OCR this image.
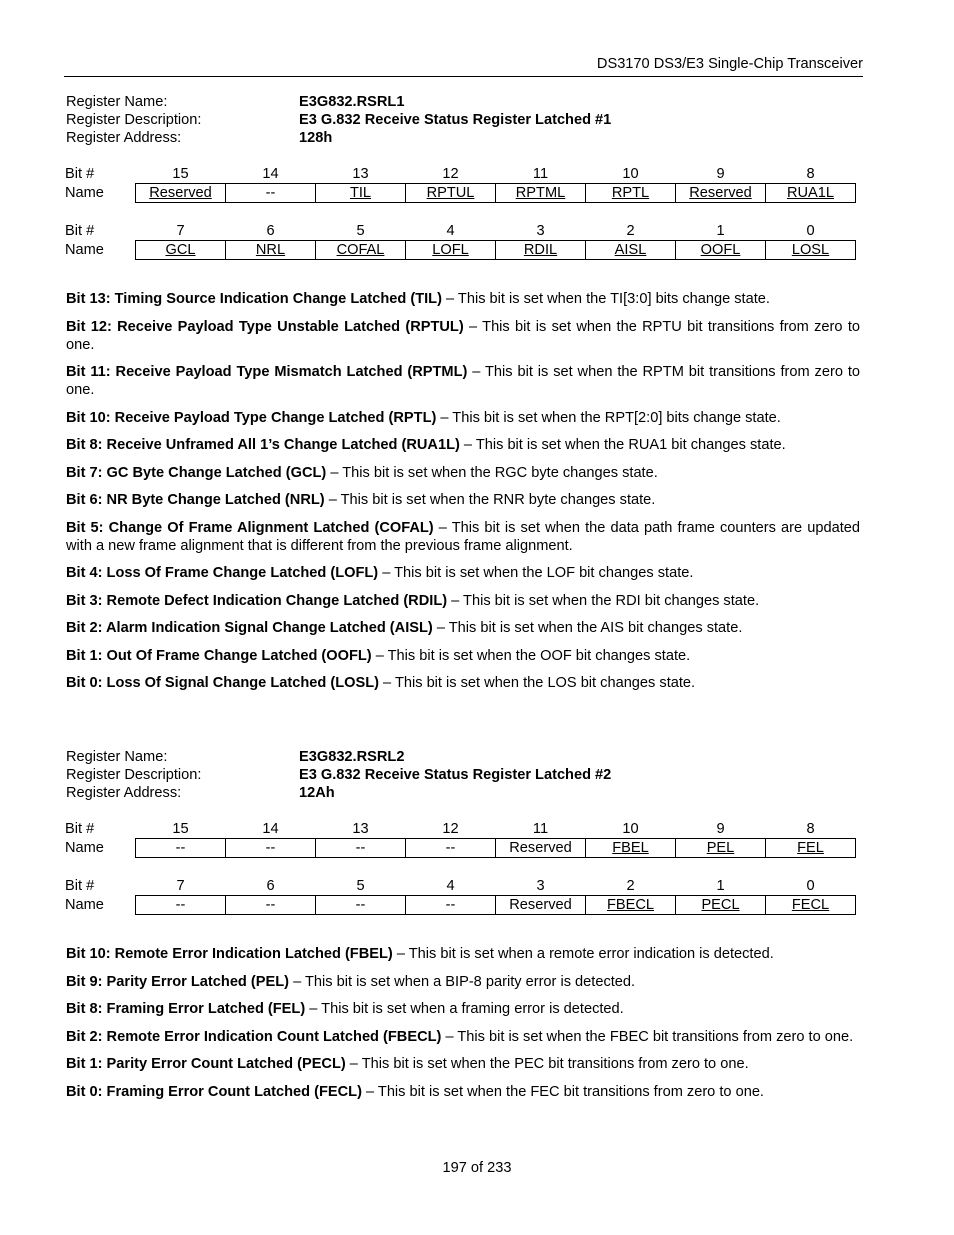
DS3170 DS3/E3 Single-Chip Transceiver
Register Name:	E3G832.RSRL1
Register Description:	E3 G.832 Receive Status Register Latched #1
Register Address:	128h
Bit #	15	14	13	12	11	10	9	8
Name	Reserved	--	TIL	RPTUL	RPTML	RPTL	Reserved	RUA1L
Bit #	7	6	5	4	3	2	1	0
Name	GCL	NRL	COFAL	LOFL	RDIL	AISL	OOFL	LOSL

Bit 13: Timing Source Indication Change Latched (TIL) – This bit is set when the TI[3:0] bits change state.

Bit 12: Receive Payload Type Unstable Latched (RPTUL) – This bit is set when the RPTU bit transitions from zero to one.

Bit 11: Receive Payload Type Mismatch Latched (RPTML) – This bit is set when the RPTM bit transitions from zero to one.

Bit 10: Receive Payload Type Change Latched (RPTL) – This bit is set when the RPT[2:0] bits change state.

Bit 8: Receive Unframed All 1’s Change Latched (RUA1L) – This bit is set when the RUA1 bit changes state.

Bit 7: GC Byte Change Latched (GCL) – This bit is set when the RGC byte changes state.

Bit 6: NR Byte Change Latched (NRL) – This bit is set when the RNR byte changes state.

Bit 5: Change Of Frame Alignment Latched (COFAL) – This bit is set when the data path frame counters are updated with a new frame alignment that is different from the previous frame alignment.

Bit 4: Loss Of Frame Change Latched (LOFL) – This bit is set when the LOF bit changes state.

Bit 3: Remote Defect Indication Change Latched (RDIL) – This bit is set when the RDI bit changes state.

Bit 2: Alarm Indication Signal Change Latched (AISL) – This bit is set when the AIS bit changes state.

Bit 1: Out Of Frame Change Latched (OOFL) – This bit is set when the OOF bit changes state.

Bit 0: Loss Of Signal Change Latched (LOSL) – This bit is set when the LOS bit changes state.

Register Name:	E3G832.RSRL2
Register Description:	E3 G.832 Receive Status Register Latched #2
Register Address:	12Ah
Bit #	15	14	13	12	11	10	9	8
Name	--	--	--	--	Reserved	FBEL	PEL	FEL
Bit #	7	6	5	4	3	2	1	0
Name	--	--	--	--	Reserved	FBECL	PECL	FECL

Bit 10: Remote Error Indication Latched (FBEL) – This bit is set when a remote error indication is detected.

Bit 9: Parity Error Latched (PEL) – This bit is set when a BIP-8 parity error is detected.

Bit 8: Framing Error Latched (FEL) – This bit is set when a framing error is detected.

Bit 2: Remote Error Indication Count Latched (FBECL) – This bit is set when the FBEC bit transitions from zero to one.

Bit 1: Parity Error Count Latched (PECL) – This bit is set when the PEC bit transitions from zero to one.

Bit 0: Framing Error Count Latched (FECL) – This bit is set when the FEC bit transitions from zero to one.

197 of 233
